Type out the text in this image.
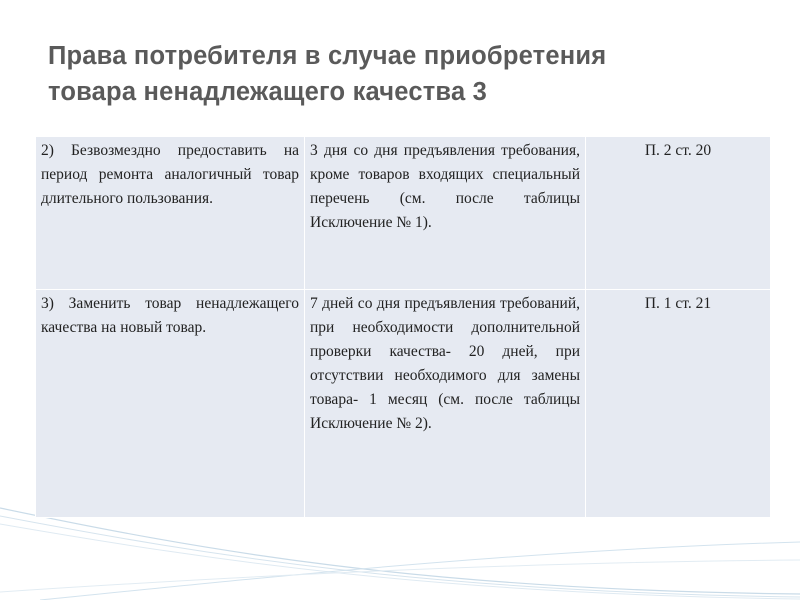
Права потребителя в случае приобретения
товара ненадлежащего качества 3
2) Безвозмездно предоставить на период ремонта аналогичный товар длительного пользования.	3 дня со дня предъявления требования, кроме товаров входящих специальный перечень (см. после таблицы Исключение № 1).	П. 2 ст. 20

3) Заменить товар ненадлежащего качества на новый товар.	7 дней со дня предъявления требований, при необходимости дополнительной проверки качества- 20 дней, при отсутствии необходимого для замены товара- 1 месяц (см. после таблицы Исключение № 2).	П. 1 ст. 21
